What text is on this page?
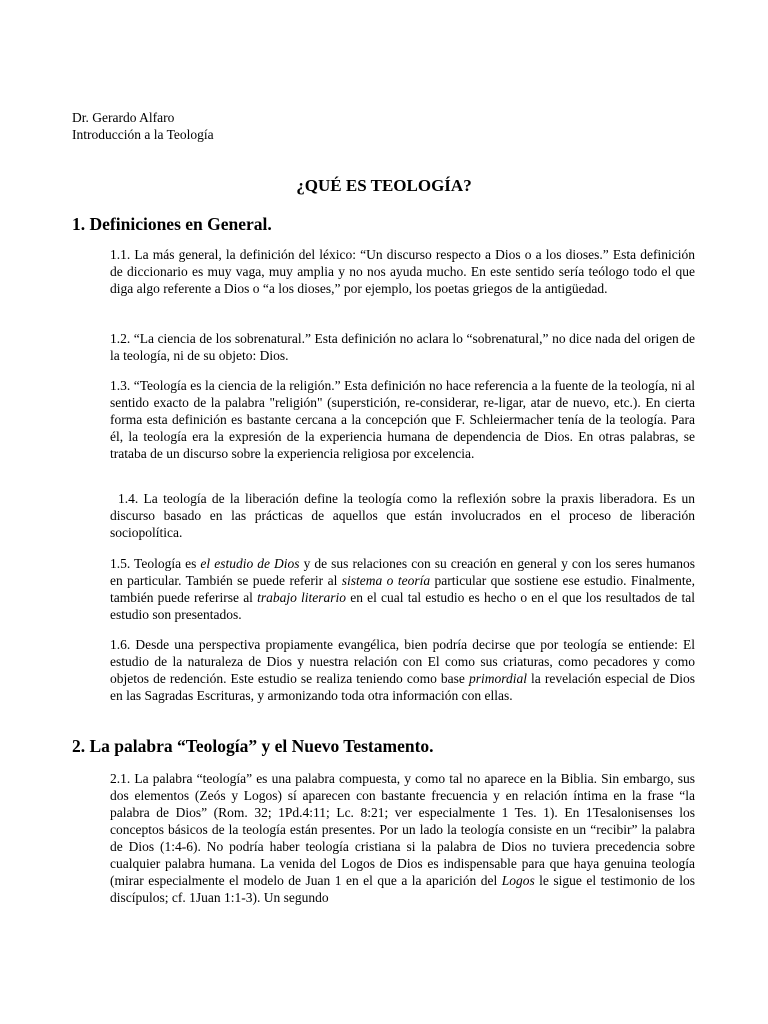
Dr. Gerardo Alfaro
Introducción a la Teología
¿QUÉ ES TEOLOGÍA?
1. Definiciones en General.
1.1. La más general, la definición del léxico: “Un discurso respecto a Dios o a los dioses.” Esta definición de diccionario es muy vaga, muy amplia y no nos ayuda mucho. En este sentido sería teólogo todo el que diga algo referente a Dios o “a los dioses,” por ejemplo, los poetas griegos de la antigüedad.
1.2. “La ciencia de los sobrenatural.” Esta definición no aclara lo “sobrenatural,” no dice nada del origen de la teología, ni de su objeto: Dios.
1.3. “Teología es la ciencia de la religión.” Esta definición no hace referencia a la fuente de la teología, ni al sentido exacto de la palabra "religión" (superstición, re-considerar, re-ligar, atar de nuevo, etc.). En cierta forma esta definición es bastante cercana a la concepción que F. Schleiermacher tenía de la teología. Para él, la teología era la expresión de la experiencia humana de dependencia de Dios. En otras palabras, se trataba de un discurso sobre la experiencia religiosa por excelencia.
1.4. La teología de la liberación define la teología como la reflexión sobre la praxis liberadora. Es un discurso basado en las prácticas de aquellos que están involucrados en el proceso de liberación sociopolítica.
1.5. Teología es el estudio de Dios y de sus relaciones con su creación en general y con los seres humanos en particular. También se puede referir al sistema o teoría particular que sostiene ese estudio. Finalmente, también puede referirse al trabajo literario en el cual tal estudio es hecho o en el que los resultados de tal estudio son presentados.
1.6. Desde una perspectiva propiamente evangélica, bien podría decirse que por teología se entiende: El estudio de la naturaleza de Dios y nuestra relación con El como sus criaturas, como pecadores y como objetos de redención. Este estudio se realiza teniendo como base primordial la revelación especial de Dios en las Sagradas Escrituras, y armonizando toda otra información con ellas.
2. La palabra “Teología” y el Nuevo Testamento.
2.1. La palabra “teología” es una palabra compuesta, y como tal no aparece en la Biblia. Sin embargo, sus dos elementos (Zeós y Logos) sí aparecen con bastante frecuencia y en relación íntima en la frase “la palabra de Dios” (Rom. 32; 1Pd.4:11; Lc. 8:21; ver especialmente 1 Tes. 1). En 1Tesalonisenses los conceptos básicos de la teología están presentes. Por un lado la teología consiste en un “recibir” la palabra de Dios (1:4-6). No podría haber teología cristiana si la palabra de Dios no tuviera precedencia sobre cualquier palabra humana. La venida del Logos de Dios es indispensable para que haya genuina teología (mirar especialmente el modelo de Juan 1 en el que a la aparición del Logos le sigue el testimonio de los discípulos; cf. 1Juan 1:1-3). Un segundo
